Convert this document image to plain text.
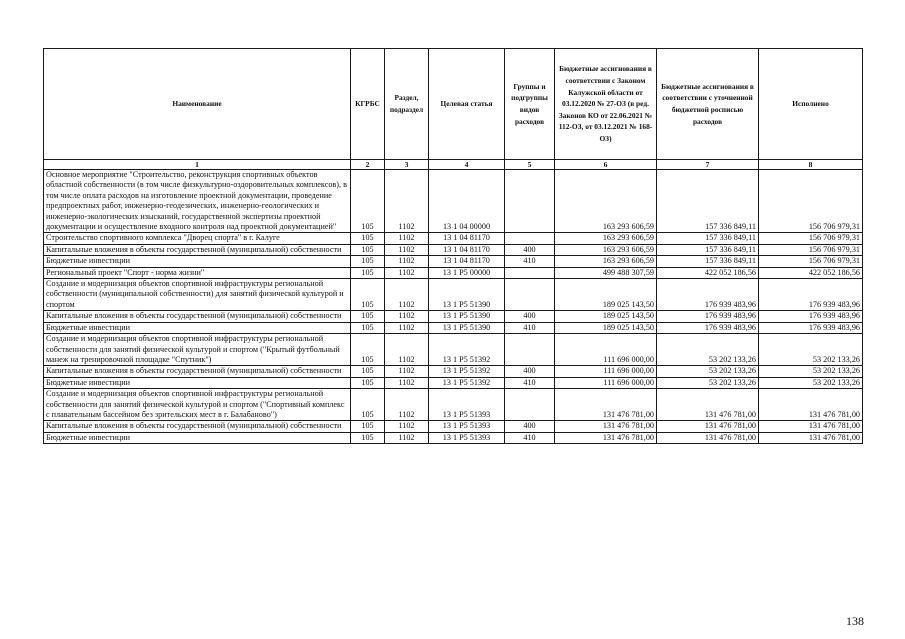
Наименование	КГРБС	Раздел, подраздел	Целевая статья	Группы и подгруппы видов расходов	Бюджетные ассигнования в соответствии с Законом Калужской области от 03.12.2020 № 27-ОЗ (в ред. Законов КО от 22.06.2021 № 112-ОЗ, от 03.12.2021 № 168-ОЗ)	Бюджетные ассигнования в соответствии с уточненной бюджетной росписью расходов	Исполнено
1	2	3	4	5	6	7	8
Основное мероприятие "Строительство, реконструкция спортивных объектов областной собственности (в том числе физкультурно-оздоровительных комплексов), в том числе оплата расходов на изготовление проектной документации, проведение предпроектных работ, инженерно-геодезических, инженерно-геологических и инженерно-экологических изысканий, государственной экспертизы проектной документации и осуществление входного контроля над проектной документацией"	105	1102	13 1 04 00000		163 293 606,59	157 336 849,11	156 706 979,31
Строительство спортивного комплекса "Дворец спорта" в г. Калуге	105	1102	13 1 04 81170		163 293 606,59	157 336 849,11	156 706 979,31
Капитальные вложения в объекты государственной (муниципальной) собственности	105	1102	13 1 04 81170	400	163 293 606,59	157 336 849,11	156 706 979,31
Бюджетные инвестиции	105	1102	13 1 04 81170	410	163 293 606,59	157 336 849,11	156 706 979,31
Региональный проект "Спорт - норма жизни"	105	1102	13 1 P5 00000		499 488 307,59	422 052 186,56	422 052 186,56
Создание и модернизация объектов спортивной инфраструктуры региональной собственности (муниципальной собственности) для занятий физической культурой и спортом	105	1102	13 1 P5 51390		189 025 143,50	176 939 483,96	176 939 483,96
Капитальные вложения в объекты государственной (муниципальной) собственности	105	1102	13 1 P5 51390	400	189 025 143,50	176 939 483,96	176 939 483,96
Бюджетные инвестиции	105	1102	13 1 P5 51390	410	189 025 143,50	176 939 483,96	176 939 483,96
Создание и модернизация объектов спортивной инфраструктуры региональной собственности для занятий физической культурой и спортом ("Крытый футбольный манеж на тренировочной площадке "Спутник")	105	1102	13 1 P5 51392		111 696 000,00	53 202 133,26	53 202 133,26
Капитальные вложения в объекты государственной (муниципальной) собственности	105	1102	13 1 P5 51392	400	111 696 000,00	53 202 133,26	53 202 133,26
Бюджетные инвестиции	105	1102	13 1 P5 51392	410	111 696 000,00	53 202 133,26	53 202 133,26
Создание и модернизация объектов спортивной инфраструктуры региональной собственности для занятий физической культурой и спортом ("Спортивный комплекс с плавательным бассейном без зрительских мест в г. Балабаново")	105	1102	13 1 P5 51393		131 476 781,00	131 476 781,00	131 476 781,00
Капитальные вложения в объекты государственной (муниципальной) собственности	105	1102	13 1 P5 51393	400	131 476 781,00	131 476 781,00	131 476 781,00
Бюджетные инвестиции	105	1102	13 1 P5 51393	410	131 476 781,00	131 476 781,00	131 476 781,00
138
